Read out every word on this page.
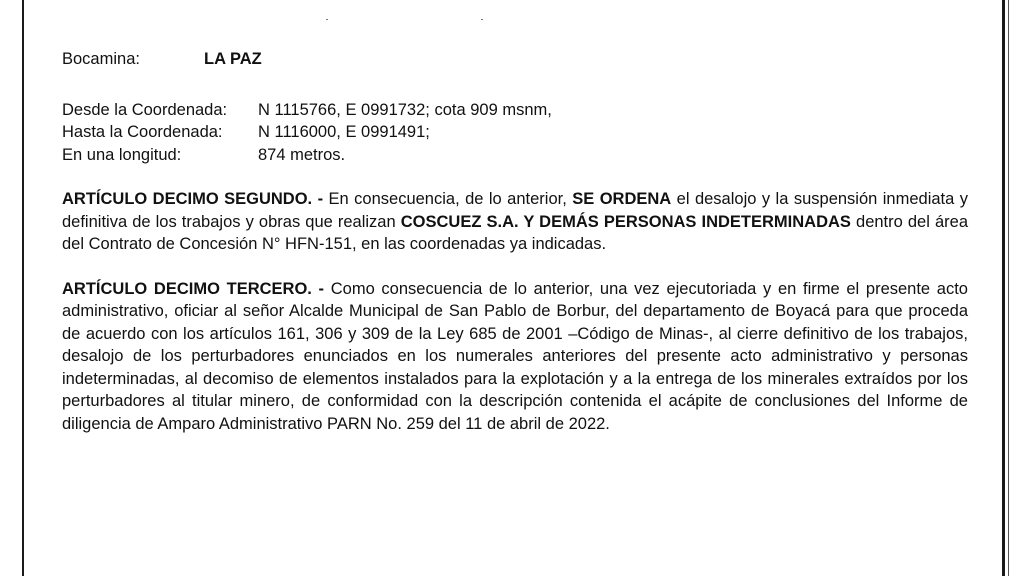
Bocamina:	LA PAZ
Desde la Coordenada: N 1115766, E 0991732; cota 909 msnm,
Hasta la Coordenada: N 1116000, E 0991491;
En una longitud:	874 metros.
ARTÍCULO DECIMO SEGUNDO. - En consecuencia, de lo anterior, SE ORDENA el desalojo y la suspensión inmediata y definitiva de los trabajos y obras que realizan COSCUEZ S.A. Y DEMÁS PERSONAS INDETERMINADAS dentro del área del Contrato de Concesión N° HFN-151, en las coordenadas ya indicadas.
ARTÍCULO DECIMO TERCERO. - Como consecuencia de lo anterior, una vez ejecutoriada y en firme el presente acto administrativo, oficiar al señor Alcalde Municipal de San Pablo de Borbur, del departamento de Boyacá para que proceda de acuerdo con los artículos 161, 306 y 309 de la Ley 685 de 2001 –Código de Minas-, al cierre definitivo de los trabajos, desalojo de los perturbadores enunciados en los numerales anteriores del presente acto administrativo y personas indeterminadas, al decomiso de elementos instalados para la explotación y a la entrega de los minerales extraídos por los perturbadores al titular minero, de conformidad con la descripción contenida el acápite de conclusiones del Informe de diligencia de Amparo Administrativo PARN No. 259 del 11 de abril de 2022.
